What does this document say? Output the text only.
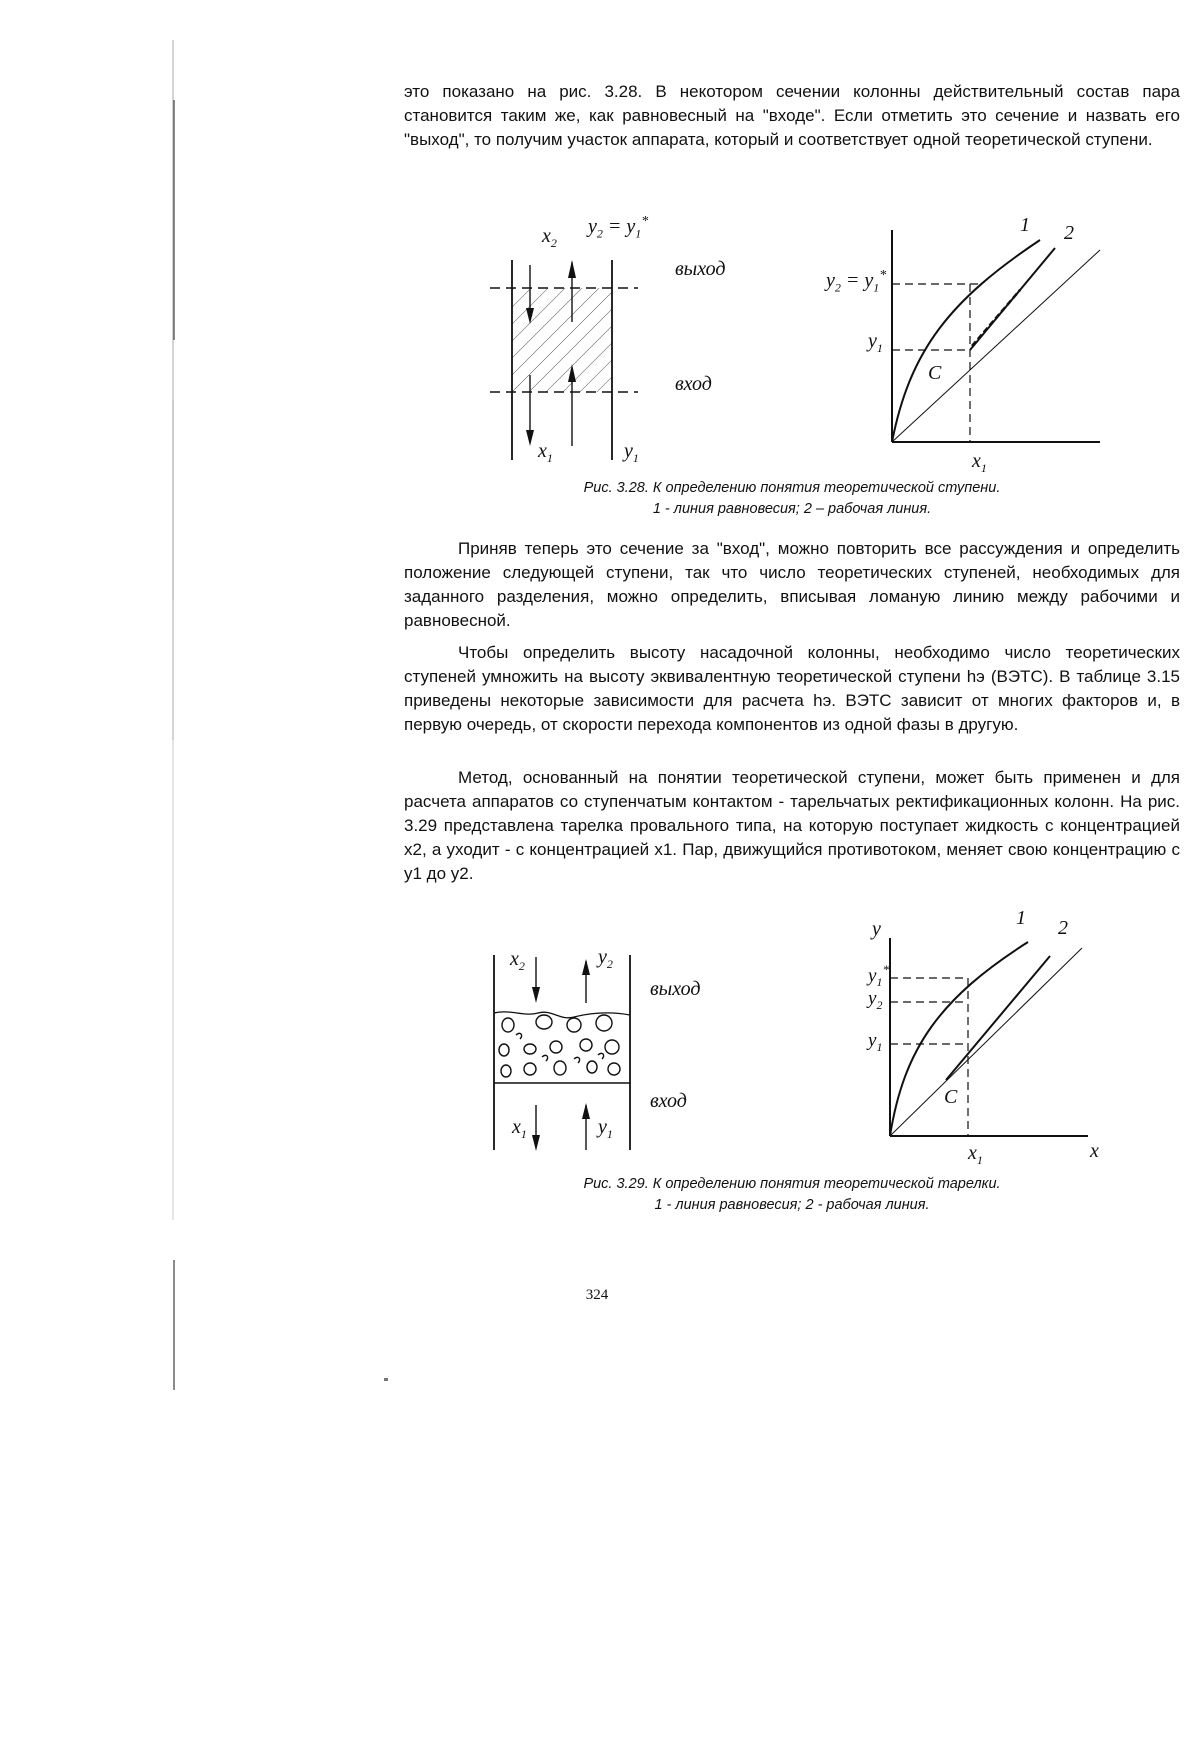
это показано на рис. 3.28. В некотором сечении колонны действительный состав пара становится таким же, как равновесный на "входе". Если отметить это сечение и назвать его "выход", то получим участок аппарата, который и соответствует одной теоретической ступени.

$x_2$
$y_2 = y_1^*$
выход
вход
$x_1$	$y_1$
1 2
$y_2 = y_1^*$
$y_1$
C
$x_1$
Рис. 3.28. К определению понятия теоретической ступени.
1 - линия равновесия; 2 – рабочая линия.

Приняв теперь это сечение за "вход", можно повторить все рассуждения и определить положение следующей ступени, так что число теоретических ступеней, необходимых для заданного разделения, можно определить, вписывая ломаную линию между рабочими и равновесной.

Чтобы определить высоту насадочной колонны, необходимо число теоретических ступеней умножить на высоту эквивалентную теоретической ступени hэ (ВЭТС). В таблице 3.15 приведены некоторые зависимости для расчета hэ. ВЭТС зависит от многих факторов и, в первую очередь, от скорости перехода компонентов из одной фазы в другую.

Метод, основанный на понятии теоретической ступени, может быть применен и для расчета аппаратов со ступенчатым контактом - тарельчатых ректификационных колонн. На рис. 3.29 представлена тарелка провального типа, на которую поступает жидкость с концентрацией x2, а уходит - с концентрацией x1. Пар, движущийся противотоком, меняет свою концентрацию с y1 до y2.

$x_2$	$y_2$
выход
вход
$x_1$	$y_1$
y
x
1 2
$y_1^*$
$y_2$
$y_1$
C
$x_1$
Рис. 3.29. К определению понятия теоретической тарелки.
1 - линия равновесия; 2 - рабочая линия.
324
